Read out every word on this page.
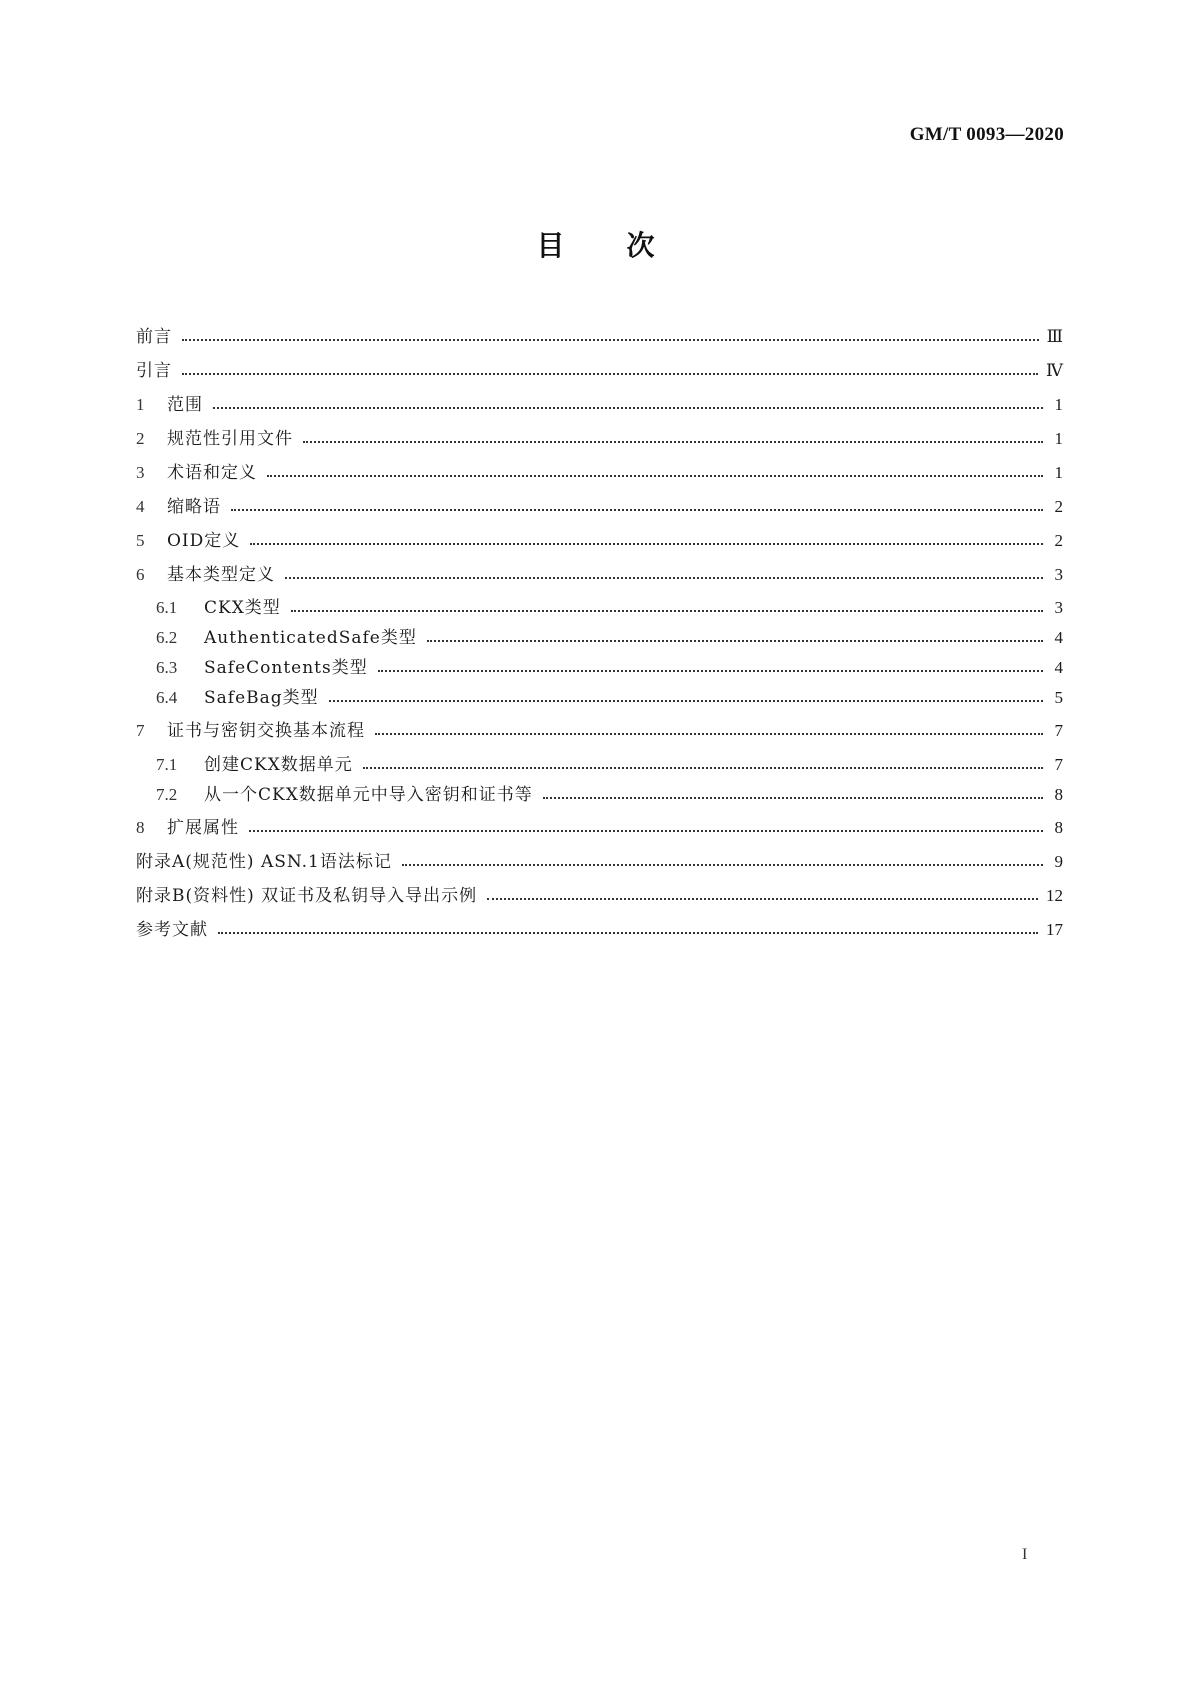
GM/T 0093—2020
目次
前言	Ⅲ
引言	Ⅳ
1	范围	1
2	规范性引用文件	1
3	术语和定义	1
4	缩略语	2
5	OID定义	2
6	基本类型定义	3
6.1	CKX类型	3
6.2	AuthenticatedSafe类型	4
6.3	SafeContents类型	4
6.4	SafeBag类型	5
7	证书与密钥交换基本流程	7
7.1	创建CKX数据单元	7
7.2	从一个CKX数据单元中导入密钥和证书等	8
8	扩展属性	8
附录A(规范性) ASN.1语法标记	9
附录B(资料性) 双证书及私钥导入导出示例	12
参考文献	17
I
